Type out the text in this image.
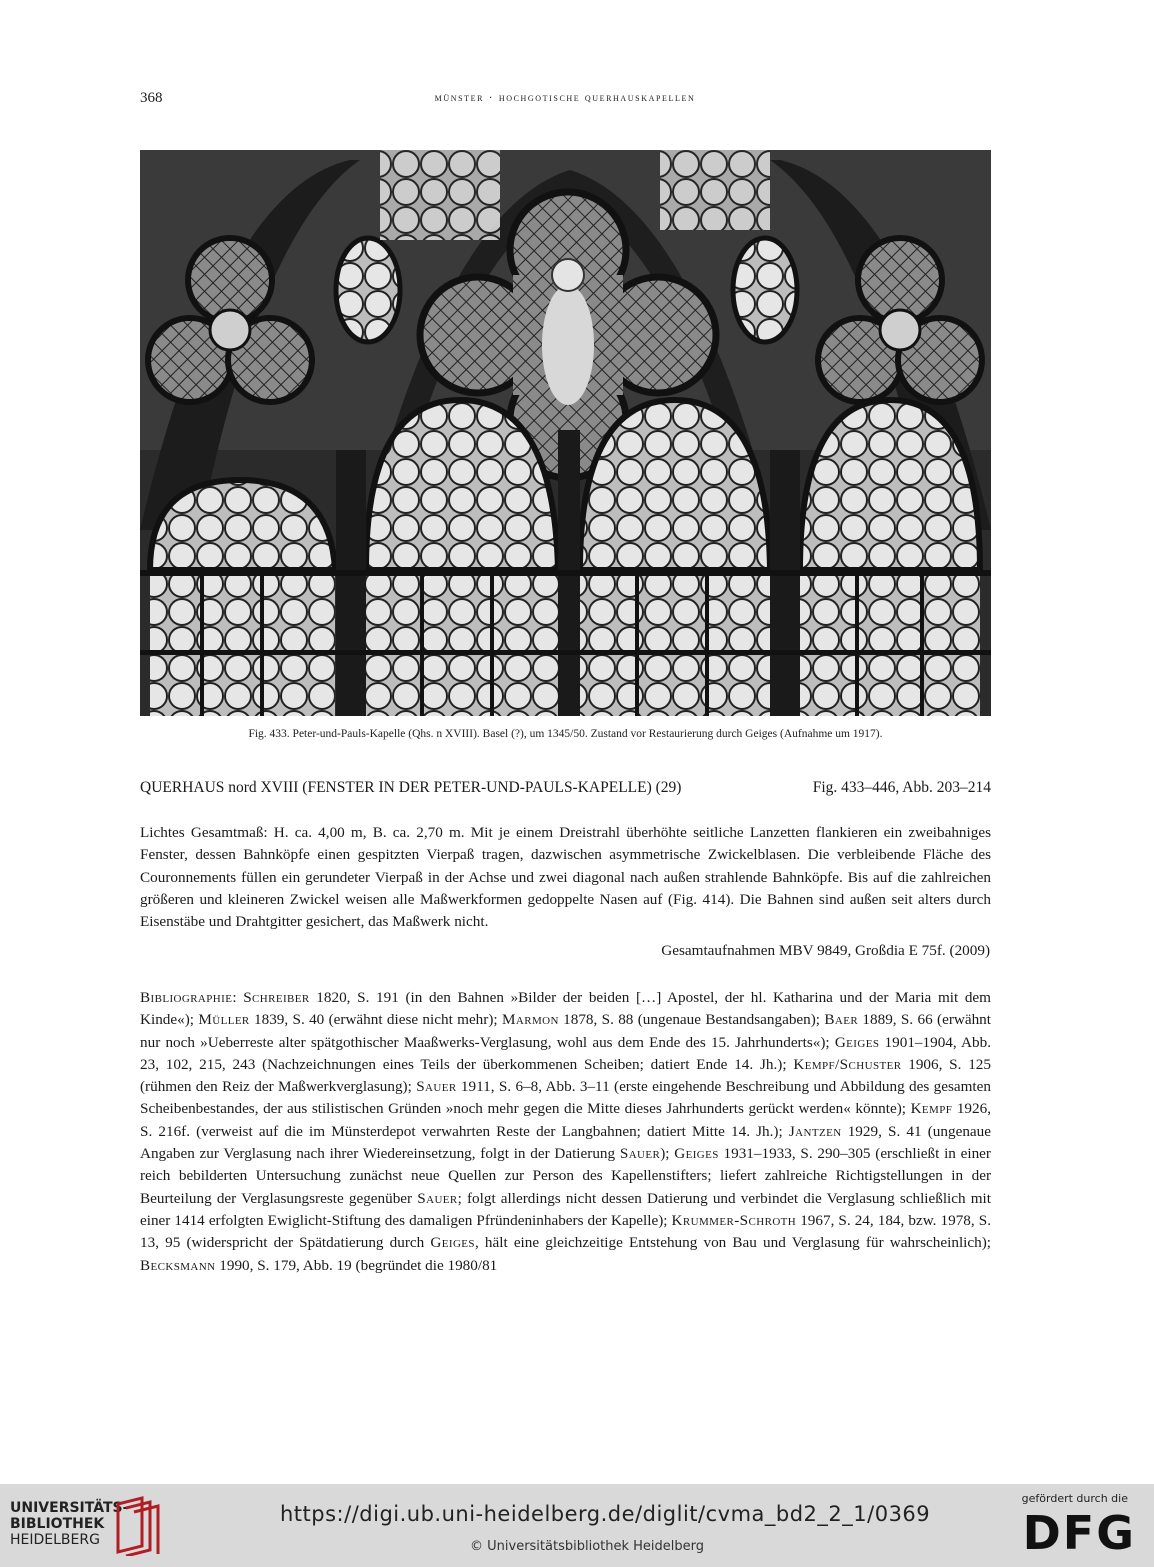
368	münster · hochgotische querhauskapellen
Fig. 433. Peter-und-Pauls-Kapelle (Qhs. n XVIII). Basel (?), um 1345/50. Zustand vor Restaurierung durch Geiges (Aufnahme um 1917).
QUERHAUS nord XVIII (FENSTER IN DER PETER-UND-PAULS-KAPELLE) (29)	Fig. 433–446, Abb. 203–214
Lichtes Gesamtmaß: H. ca. 4,00 m, B. ca. 2,70 m. Mit je einem Dreistrahl überhöhte seitliche Lanzetten flankieren ein zweibahniges Fenster, dessen Bahnköpfe einen gespitzten Vierpaß tragen, dazwischen asymmetrische Zwickelblasen. Die verbleibende Fläche des Couronnements füllen ein gerundeter Vierpaß in der Achse und zwei diagonal nach außen strahlende Bahnköpfe. Bis auf die zahlreichen größeren und kleineren Zwickel weisen alle Maßwerkformen gedoppelte Nasen auf (Fig. 414). Die Bahnen sind außen seit alters durch Eisenstäbe und Drahtgitter gesichert, das Maßwerk nicht.
Gesamtaufnahmen MBV 9849, Großdia E 75f. (2009)
Bibliographie: Schreiber 1820, S. 191 (in den Bahnen »Bilder der beiden […] Apostel, der hl. Katharina und der Maria mit dem Kinde«); Müller 1839, S. 40 (erwähnt diese nicht mehr); Marmon 1878, S. 88 (ungenaue Bestandsangaben); Baer 1889, S. 66 (erwähnt nur noch »Ueberreste alter spätgothischer Maaßwerks-Verglasung, wohl aus dem Ende des 15. Jahrhunderts«); Geiges 1901–1904, Abb. 23, 102, 215, 243 (Nachzeichnungen eines Teils der überkommenen Scheiben; datiert Ende 14. Jh.); Kempf/Schuster 1906, S. 125 (rühmen den Reiz der Maßwerkverglasung); Sauer 1911, S. 6–8, Abb. 3–11 (erste eingehende Beschreibung und Abbildung des gesamten Scheibenbestandes, der aus stilistischen Gründen »noch mehr gegen die Mitte dieses Jahrhunderts gerückt werden« könnte); Kempf 1926, S. 216f. (verweist auf die im Münsterdepot verwahrten Reste der Langbahnen; datiert Mitte 14. Jh.); Jantzen 1929, S. 41 (ungenaue Angaben zur Verglasung nach ihrer Wiedereinsetzung, folgt in der Datierung Sauer); Geiges 1931–1933, S. 290–305 (erschließt in einer reich bebilderten Untersuchung zunächst neue Quellen zur Person des Kapellenstifters; liefert zahlreiche Richtigstellungen in der Beurteilung der Verglasungsreste gegenüber Sauer; folgt allerdings nicht dessen Datierung und verbindet die Verglasung schließlich mit einer 1414 erfolgten Ewiglicht-Stiftung des damaligen Pfründeninhabers der Kapelle); Krummer-Schroth 1967, S. 24, 184, bzw. 1978, S. 13, 95 (widerspricht der Spätdatierung durch Geiges, hält eine gleichzeitige Entstehung von Bau und Verglasung für wahrscheinlich); Becksmann 1990, S. 179, Abb. 19 (begründet die 1980/81
UNIVERSITÄTS-
BIBLIOTHEK
HEIDELBERG
https://digi.ub.uni-heidelberg.de/diglit/cvma_bd2_2_1/0369
© Universitätsbibliothek Heidelberg
gefördert durch die
DFG
